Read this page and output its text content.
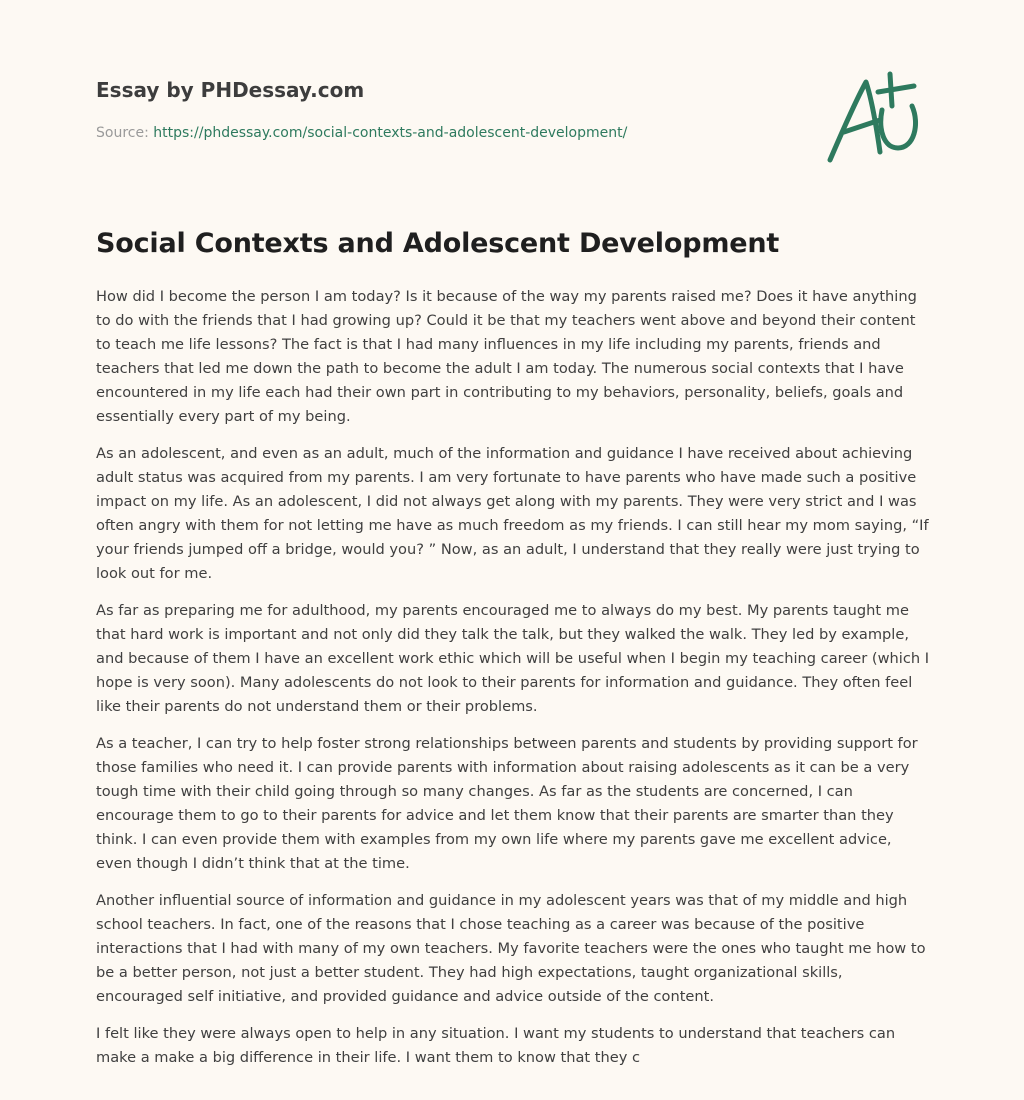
Essay by PHDessay.com
Source: https://phdessay.com/social-contexts-and-adolescent-development/
Social Contexts and Adolescent Development

How did I become the person I am today? Is it because of the way my parents raised me? Does it have anything to do with the friends that I had growing up? Could it be that my teachers went above and beyond their content to teach me life lessons? The fact is that I had many influences in my life including my parents, friends and teachers that led me down the path to become the adult I am today. The numerous social contexts that I have encountered in my life each had their own part in contributing to my behaviors, personality, beliefs, goals and essentially every part of my being.

As an adolescent, and even as an adult, much of the information and guidance I have received about achieving adult status was acquired from my parents. I am very fortunate to have parents who have made such a positive impact on my life. As an adolescent, I did not always get along with my parents. They were very strict and I was often angry with them for not letting me have as much freedom as my friends. I can still hear my mom saying, “If your friends jumped off a bridge, would you? ” Now, as an adult, I understand that they really were just trying to look out for me.

As far as preparing me for adulthood, my parents encouraged me to always do my best. My parents taught me that hard work is important and not only did they talk the talk, but they walked the walk. They led by example, and because of them I have an excellent work ethic which will be useful when I begin my teaching career (which I hope is very soon). Many adolescents do not look to their parents for information and guidance. They often feel like their parents do not understand them or their problems.

As a teacher, I can try to help foster strong relationships between parents and students by providing support for those families who need it. I can provide parents with information about raising adolescents as it can be a very tough time with their child going through so many changes. As far as the students are concerned, I can encourage them to go to their parents for advice and let them know that their parents are smarter than they think. I can even provide them with examples from my own life where my parents gave me excellent advice, even though I didn’t think that at the time.

Another influential source of information and guidance in my adolescent years was that of my middle and high school teachers. In fact, one of the reasons that I chose teaching as a career was because of the positive interactions that I had with many of my own teachers. My favorite teachers were the ones who taught me how to be a better person, not just a better student. They had high expectations, taught organizational skills, encouraged self initiative, and provided guidance and advice outside of the content.

I felt like they were always open to help in any situation. I want my students to understand that teachers can make a make a big difference in their life. I want them to know that they c
